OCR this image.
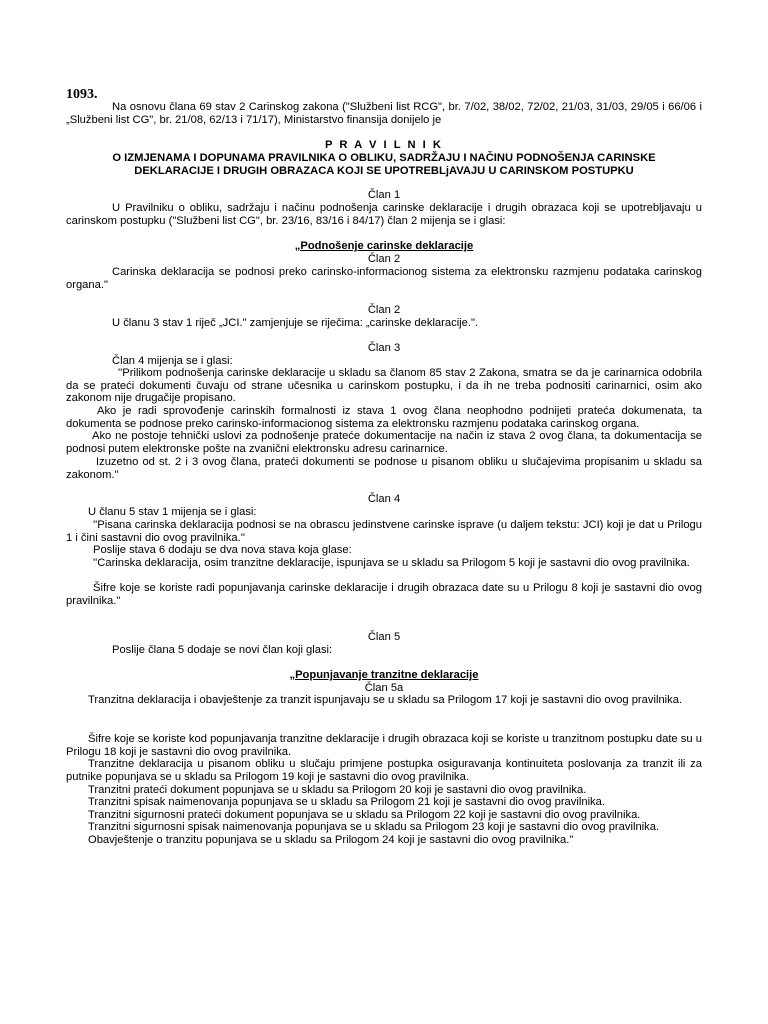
1093.

Na osnovu člana 69 stav 2 Carinskog zakona ("Službeni list RCG", br. 7/02, 38/02, 72/02, 21/03, 31/03, 29/05 i 66/06 i „Službeni list CG", br. 21/08, 62/13 i 71/17), Ministarstvo finansija donijelo je

P R A V I L N I K
O IZMJENAMA I DOPUNAMA PRAVILNIKA O OBLIKU, SADRŽAJU I NAČINU PODNOŠENJA CARINSKE DEKLARACIJE I DRUGIH OBRAZACA KOJI SE UPOTREBLjAVAJU U CARINSKOM POSTUPKU
Član 1

U Pravilniku o obliku, sadržaju i načinu podnošenja carinske deklaracije i drugih obrazaca koji se upotrebljavaju u carinskom postupku ("Službeni list CG", br. 23/16, 83/16 i 84/17) član 2 mijenja se i glasi:

„Podnošenje carinske deklaracije
Član 2

Carinska deklaracija se podnosi preko carinsko-informacionog sistema za elektronsku razmjenu podataka carinskog organa."

Član 2

U članu 3 stav 1 riječ „JCI." zamjenjuje se riječima: „carinske deklaracije.".

Član 3

Član 4 mijenja se i glasi:

''Prilikom podnošenja carinske deklaracije u skladu sa članom 85 stav 2 Zakona, smatra se da je carinarnica odobrila da se prateći dokumenti čuvaju od strane učesnika u carinskom postupku, i da ih ne treba podnositi carinarnici, osim ako zakonom nije drugačije propisano.

Ako je radi sprovođenje carinskih formalnosti iz stava 1 ovog člana neophodno podnijeti prateća dokumenata, ta dokumenta se podnose preko carinsko-informacionog sistema za elektronsku razmjenu podataka carinskog organa.

Ako ne postoje tehnički uslovi za podnošenje prateće dokumentacije na način iz stava 2 ovog člana, ta dokumentacija se podnosi putem elektronske pošte na zvanični elektronsku adresu carinarnice.

Izuzetno od st. 2 i 3 ovog člana, prateći dokumenti se podnose u pisanom obliku u slučajevima propisanim u skladu sa zakonom.''

Član 4

U članu 5 stav 1 mijenja se i glasi:

''Pisana carinska deklaracija podnosi se na obrascu jedinstvene carinske isprave (u daljem tekstu: JCI) koji je dat u Prilogu 1 i čini sastavni dio ovog pravilnika.''

Poslije stava 6 dodaju se dva nova stava koja glase:

''Carinska deklaracija, osim tranzitne deklaracije, ispunjava se u skladu sa Prilogom 5 koji je sastavni dio ovog pravilnika.

Šifre koje se koriste radi popunjavanja carinske deklaracije i drugih obrazaca date su u Prilogu 8 koji je sastavni dio ovog pravilnika."

Član 5

Poslije člana 5 dodaje se novi član koji glasi:

„Popunjavanje tranzitne deklaracije
Član 5a

Tranzitna deklaracija i obavještenje za tranzit ispunjavaju se u skladu sa Prilogom 17 koji je sastavni dio ovog pravilnika.

Šifre koje se koriste kod popunjavanja tranzitne deklaracije i drugih obrazaca koji se koriste u tranzitnom postupku date su u Prilogu 18 koji je sastavni dio ovog pravilnika.

Tranzitne deklaracija u pisanom obliku u slučaju primjene postupka osiguravanja kontinuiteta poslovanja za tranzit ili za putnike popunjava se u skladu sa Prilogom 19 koji je sastavni dio ovog pravilnika.

Tranzitni prateći dokument popunjava se u skladu sa Prilogom 20 koji je sastavni dio ovog pravilnika.

Tranzitni spisak naimenovanja popunjava se u skladu sa Prilogom 21 koji je sastavni dio ovog pravilnika.

Tranzitni sigurnosni prateći dokument popunjava se u skladu sa Prilogom 22 koji je sastavni dio ovog pravilnika.

Tranzitni sigurnosni spisak naimenovanja popunjava se u skladu sa Prilogom 23 koji je sastavni dio ovog pravilnika.

Obavještenje o tranzitu popunjava se u skladu sa Prilogom 24 koji je sastavni dio ovog pravilnika."
